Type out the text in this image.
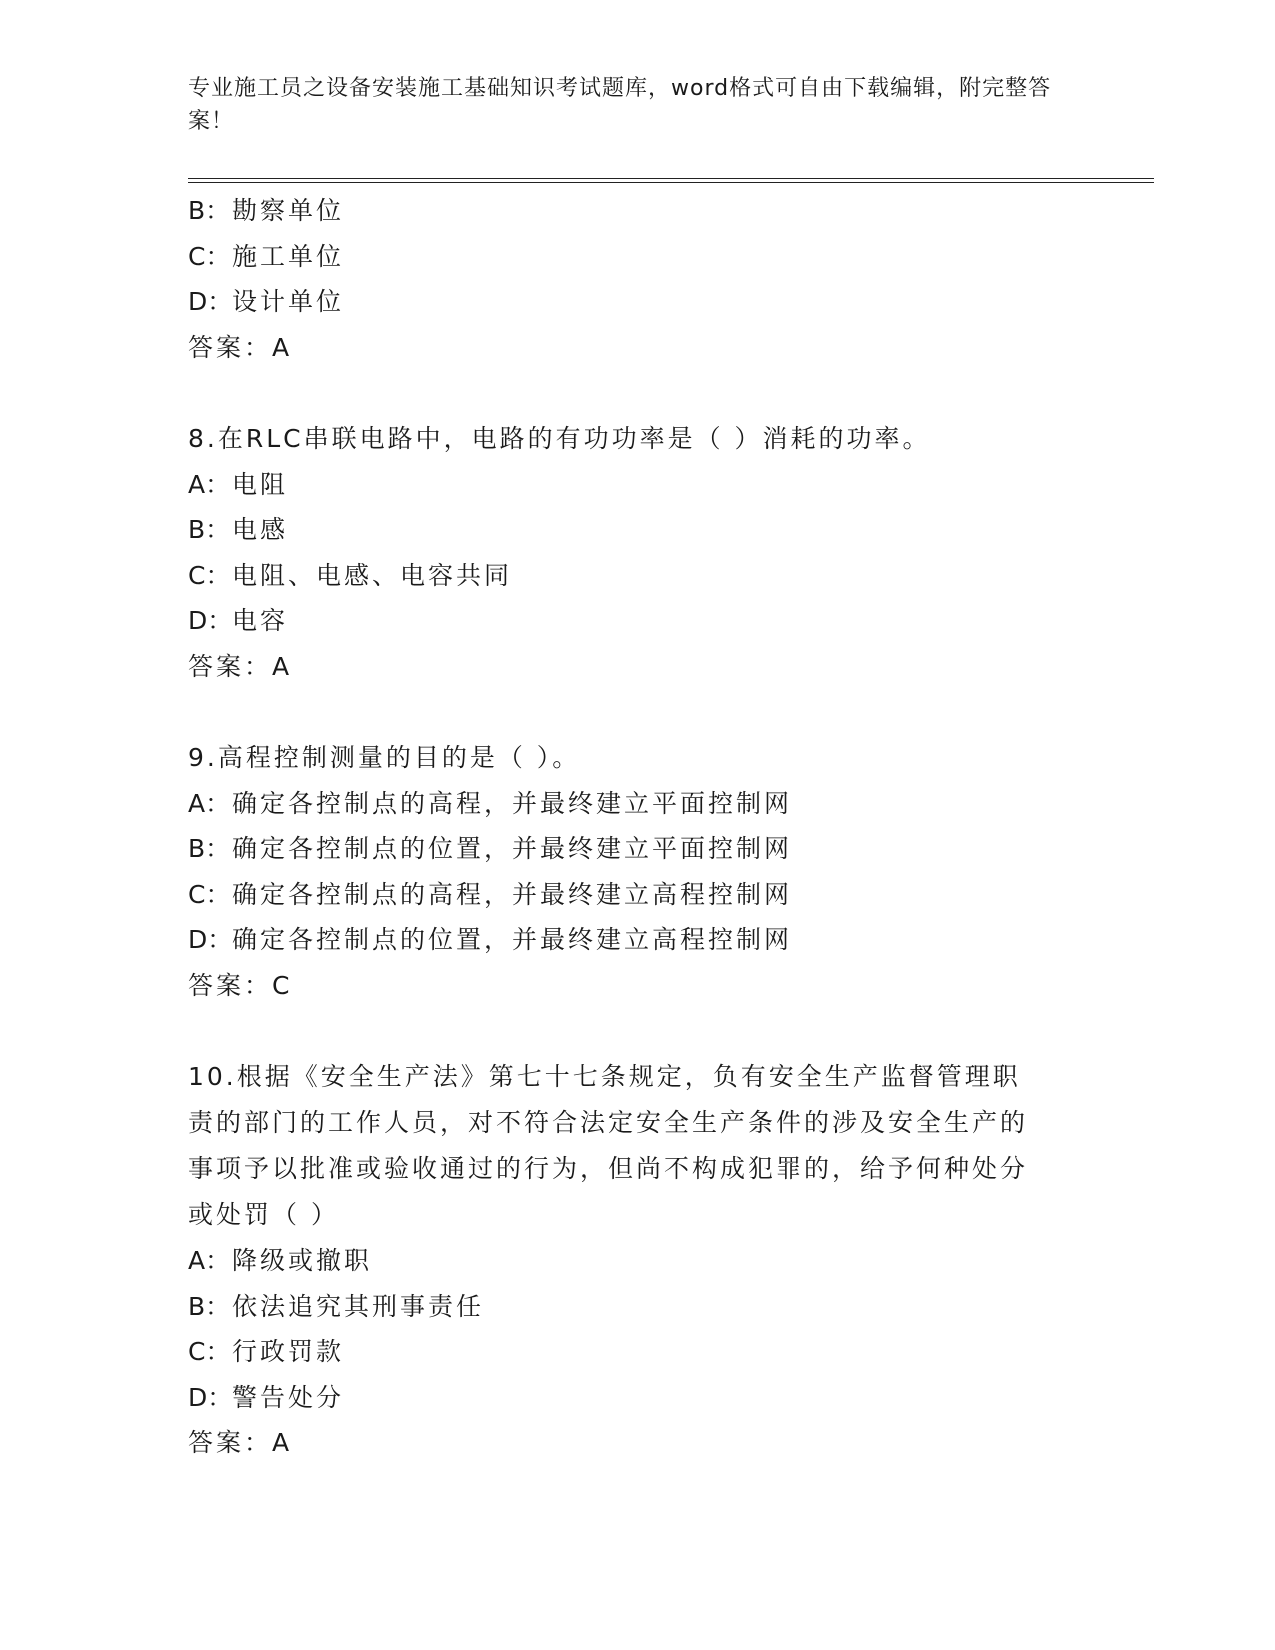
专业施工员之设备安装施工基础知识考试题库，word格式可自由下载编辑，附完整答案！
B：勘察单位
C：施工单位
D：设计单位
答案：A
8.在RLC串联电路中，电路的有功功率是（ ）消耗的功率。
A：电阻
B：电感
C：电阻、电感、电容共同
D：电容
答案：A
9.高程控制测量的目的是（ ）。
A：确定各控制点的高程，并最终建立平面控制网
B：确定各控制点的位置，并最终建立平面控制网
C：确定各控制点的高程，并最终建立高程控制网
D：确定各控制点的位置，并最终建立高程控制网
答案：C
10.根据《安全生产法》第七十七条规定，负有安全生产监督管理职责的部门的工作人员，对不符合法定安全生产条件的涉及安全生产的事项予以批准或验收通过的行为，但尚不构成犯罪的，给予何种处分或处罚（ ）
A：降级或撤职
B：依法追究其刑事责任
C：行政罚款
D：警告处分
答案：A
